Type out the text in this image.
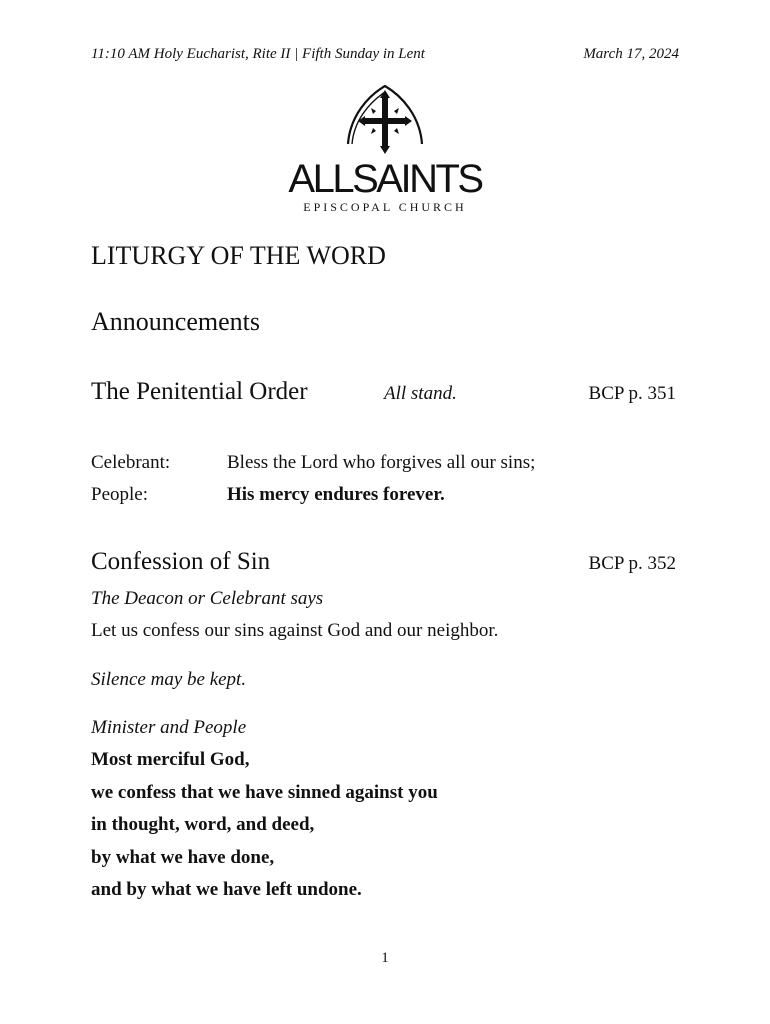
11:10 AM Holy Eucharist, Rite II | Fifth Sunday in Lent	March 17, 2024
ALLSAINTS
EPISCOPAL CHURCH
LITURGY OF THE WORD
Announcements
The Penitential Order	All stand.	BCP p. 351
Celebrant:	Bless the Lord who forgives all our sins;
People:	His mercy endures forever.
Confession of Sin	BCP p. 352
The Deacon or Celebrant says
Let us confess our sins against God and our neighbor.
Silence may be kept.
Minister and People
Most merciful God,
we confess that we have sinned against you
in thought, word, and deed,
by what we have done,
and by what we have left undone.
1
